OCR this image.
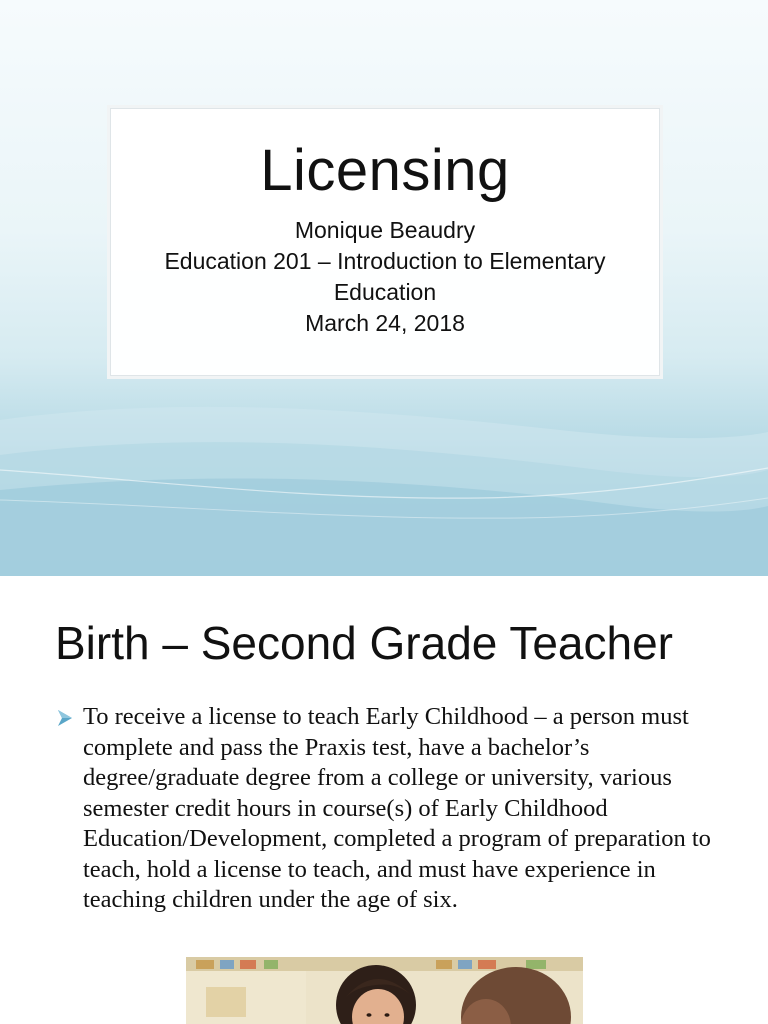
Licensing
Monique Beaudry
Education 201 – Introduction to Elementary Education
March 24, 2018
Birth – Second Grade Teacher
To receive a license to teach Early Childhood – a person must complete and pass the Praxis test, have a bachelor’s degree/graduate degree from a college or university, various semester credit hours in course(s) of Early Childhood Education/Development, completed a program of preparation to teach, hold a license to teach, and must have experience in teaching children under the age of six.
